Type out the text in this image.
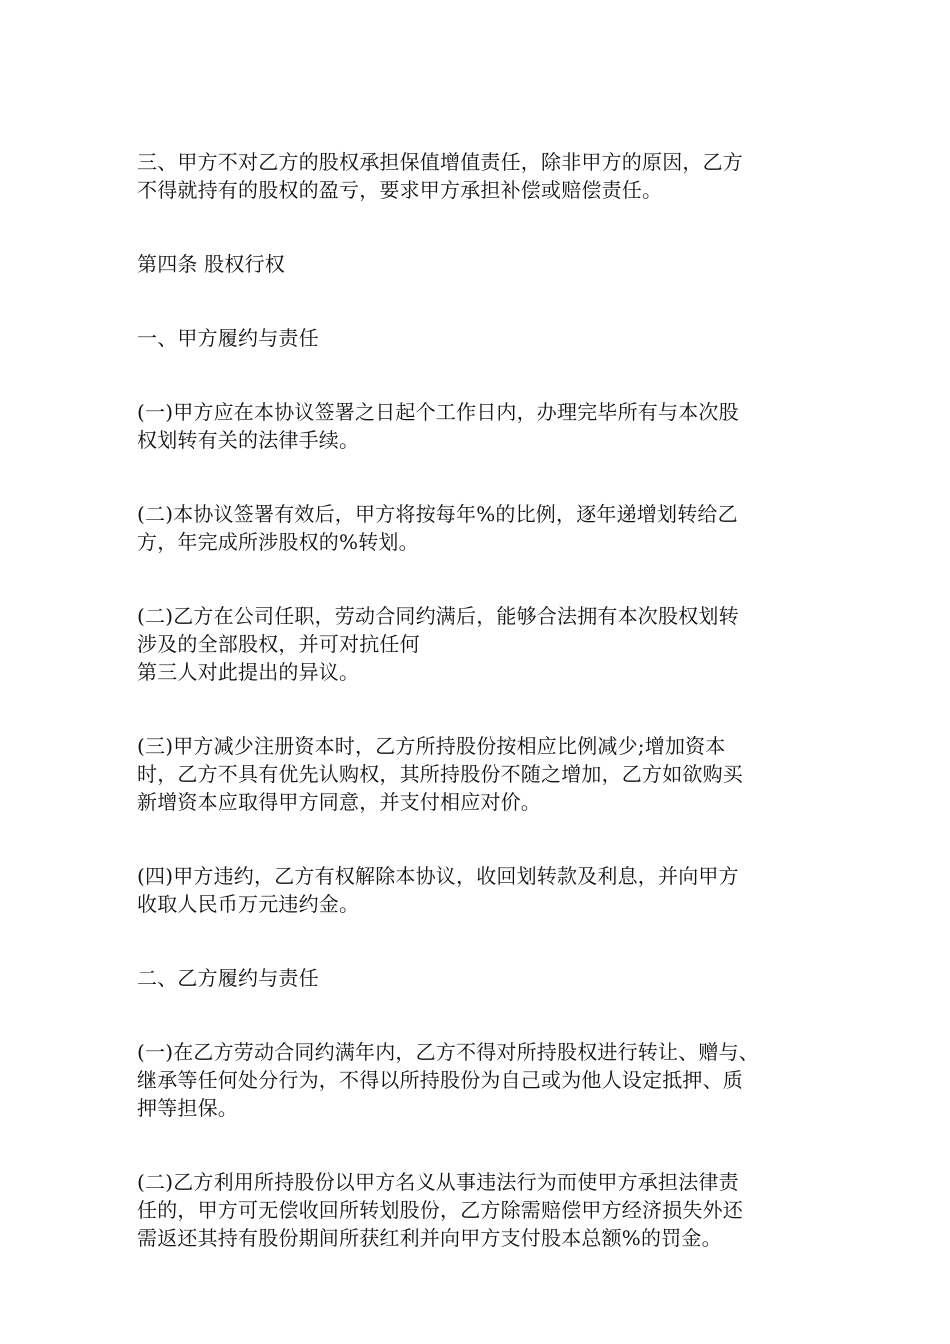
三、甲方不对乙方的股权承担保值增值责任，除非甲方的原因，乙方
不得就持有的股权的盈亏，要求甲方承担补偿或赔偿责任。

第四条 股权行权

一、甲方履约与责任

(一)甲方应在本协议签署之日起个工作日内，办理完毕所有与本次股
权划转有关的法律手续。

(二)本协议签署有效后，甲方将按每年%的比例，逐年递增划转给乙
方，年完成所涉股权的%转划。

(二)乙方在公司任职，劳动合同约满后，能够合法拥有本次股权划转
涉及的全部股权，并可对抗任何
第三人对此提出的异议。

(三)甲方减少注册资本时，乙方所持股份按相应比例减少;增加资本
时，乙方不具有优先认购权，其所持股份不随之增加，乙方如欲购买
新增资本应取得甲方同意，并支付相应对价。

(四)甲方违约，乙方有权解除本协议，收回划转款及利息，并向甲方
收取人民币万元违约金。

二、乙方履约与责任

(一)在乙方劳动合同约满年内，乙方不得对所持股权进行转让、赠与、
继承等任何处分行为，不得以所持股份为自己或为他人设定抵押、质
押等担保。

(二)乙方利用所持股份以甲方名义从事违法行为而使甲方承担法律责
任的，甲方可无偿收回所转划股份，乙方除需赔偿甲方经济损失外还
需返还其持有股份期间所获红利并向甲方支付股本总额%的罚金。
